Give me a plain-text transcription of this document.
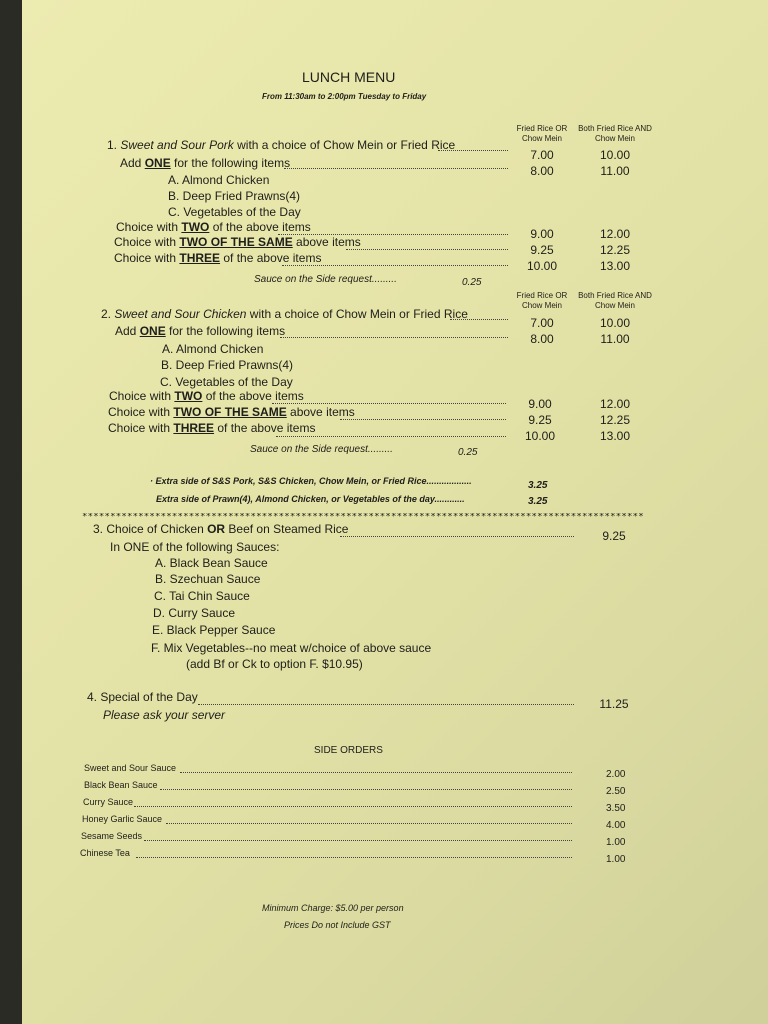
LUNCH MENU
From 11:30am to 2:00pm Tuesday to Friday
Fried Rice OR
Chow Mein
Both Fried Rice AND
Chow Mein
1. Sweet and Sour Pork with a choice of Chow Mein or Fried Rice
7.00	10.00
Add ONE for the following items
8.00	11.00
A. Almond Chicken
B. Deep Fried Prawns(4)
C. Vegetables of the Day
Choice with TWO of the above items	9.00	12.00
Choice with TWO OF THE SAME above items
9.25	12.25
Choice with THREE of the above items
10.00	13.00
Sauce on the Side request.........	0.25
Fried Rice OR
Chow Mein
Both Fried Rice AND
Chow Mein
2. Sweet and Sour Chicken with a choice of Chow Mein or Fried Rice
7.00	10.00
Add ONE for the following items
8.00	11.00
A. Almond Chicken
B. Deep Fried Prawns(4)
C. Vegetables of the Day
Choice with TWO of the above items
9.00	12.00
Choice with TWO OF THE SAME above items
9.25	12.25
Choice with THREE of the above items
10.00	13.00
Sauce on the Side request.........	0.25
· Extra side of S&S Pork, S&S Chicken, Chow Mein, or Fried Rice..................	3.25
Extra side of Prawn(4), Almond Chicken, or Vegetables of the day............	3.25
****************************************************************************************************
3. Choice of Chicken OR Beef on Steamed Rice	9.25
In ONE of the following Sauces:
A. Black Bean Sauce
B. Szechuan Sauce
C. Tai Chin Sauce
D. Curry Sauce
E. Black Pepper Sauce
F. Mix Vegetables--no meat w/choice of above sauce
(add Bf or Ck to option F. $10.95)
4. Special of the Day	11.25
Please ask your server
SIDE ORDERS
Sweet and Sour Sauce
2.00
Black Bean Sauce
2.50
Curry Sauce
3.50
Honey Garlic Sauce
4.00
Sesame Seeds
1.00
Chinese Tea
1.00
Minimum Charge: $5.00 per person
Prices Do not Include GST
